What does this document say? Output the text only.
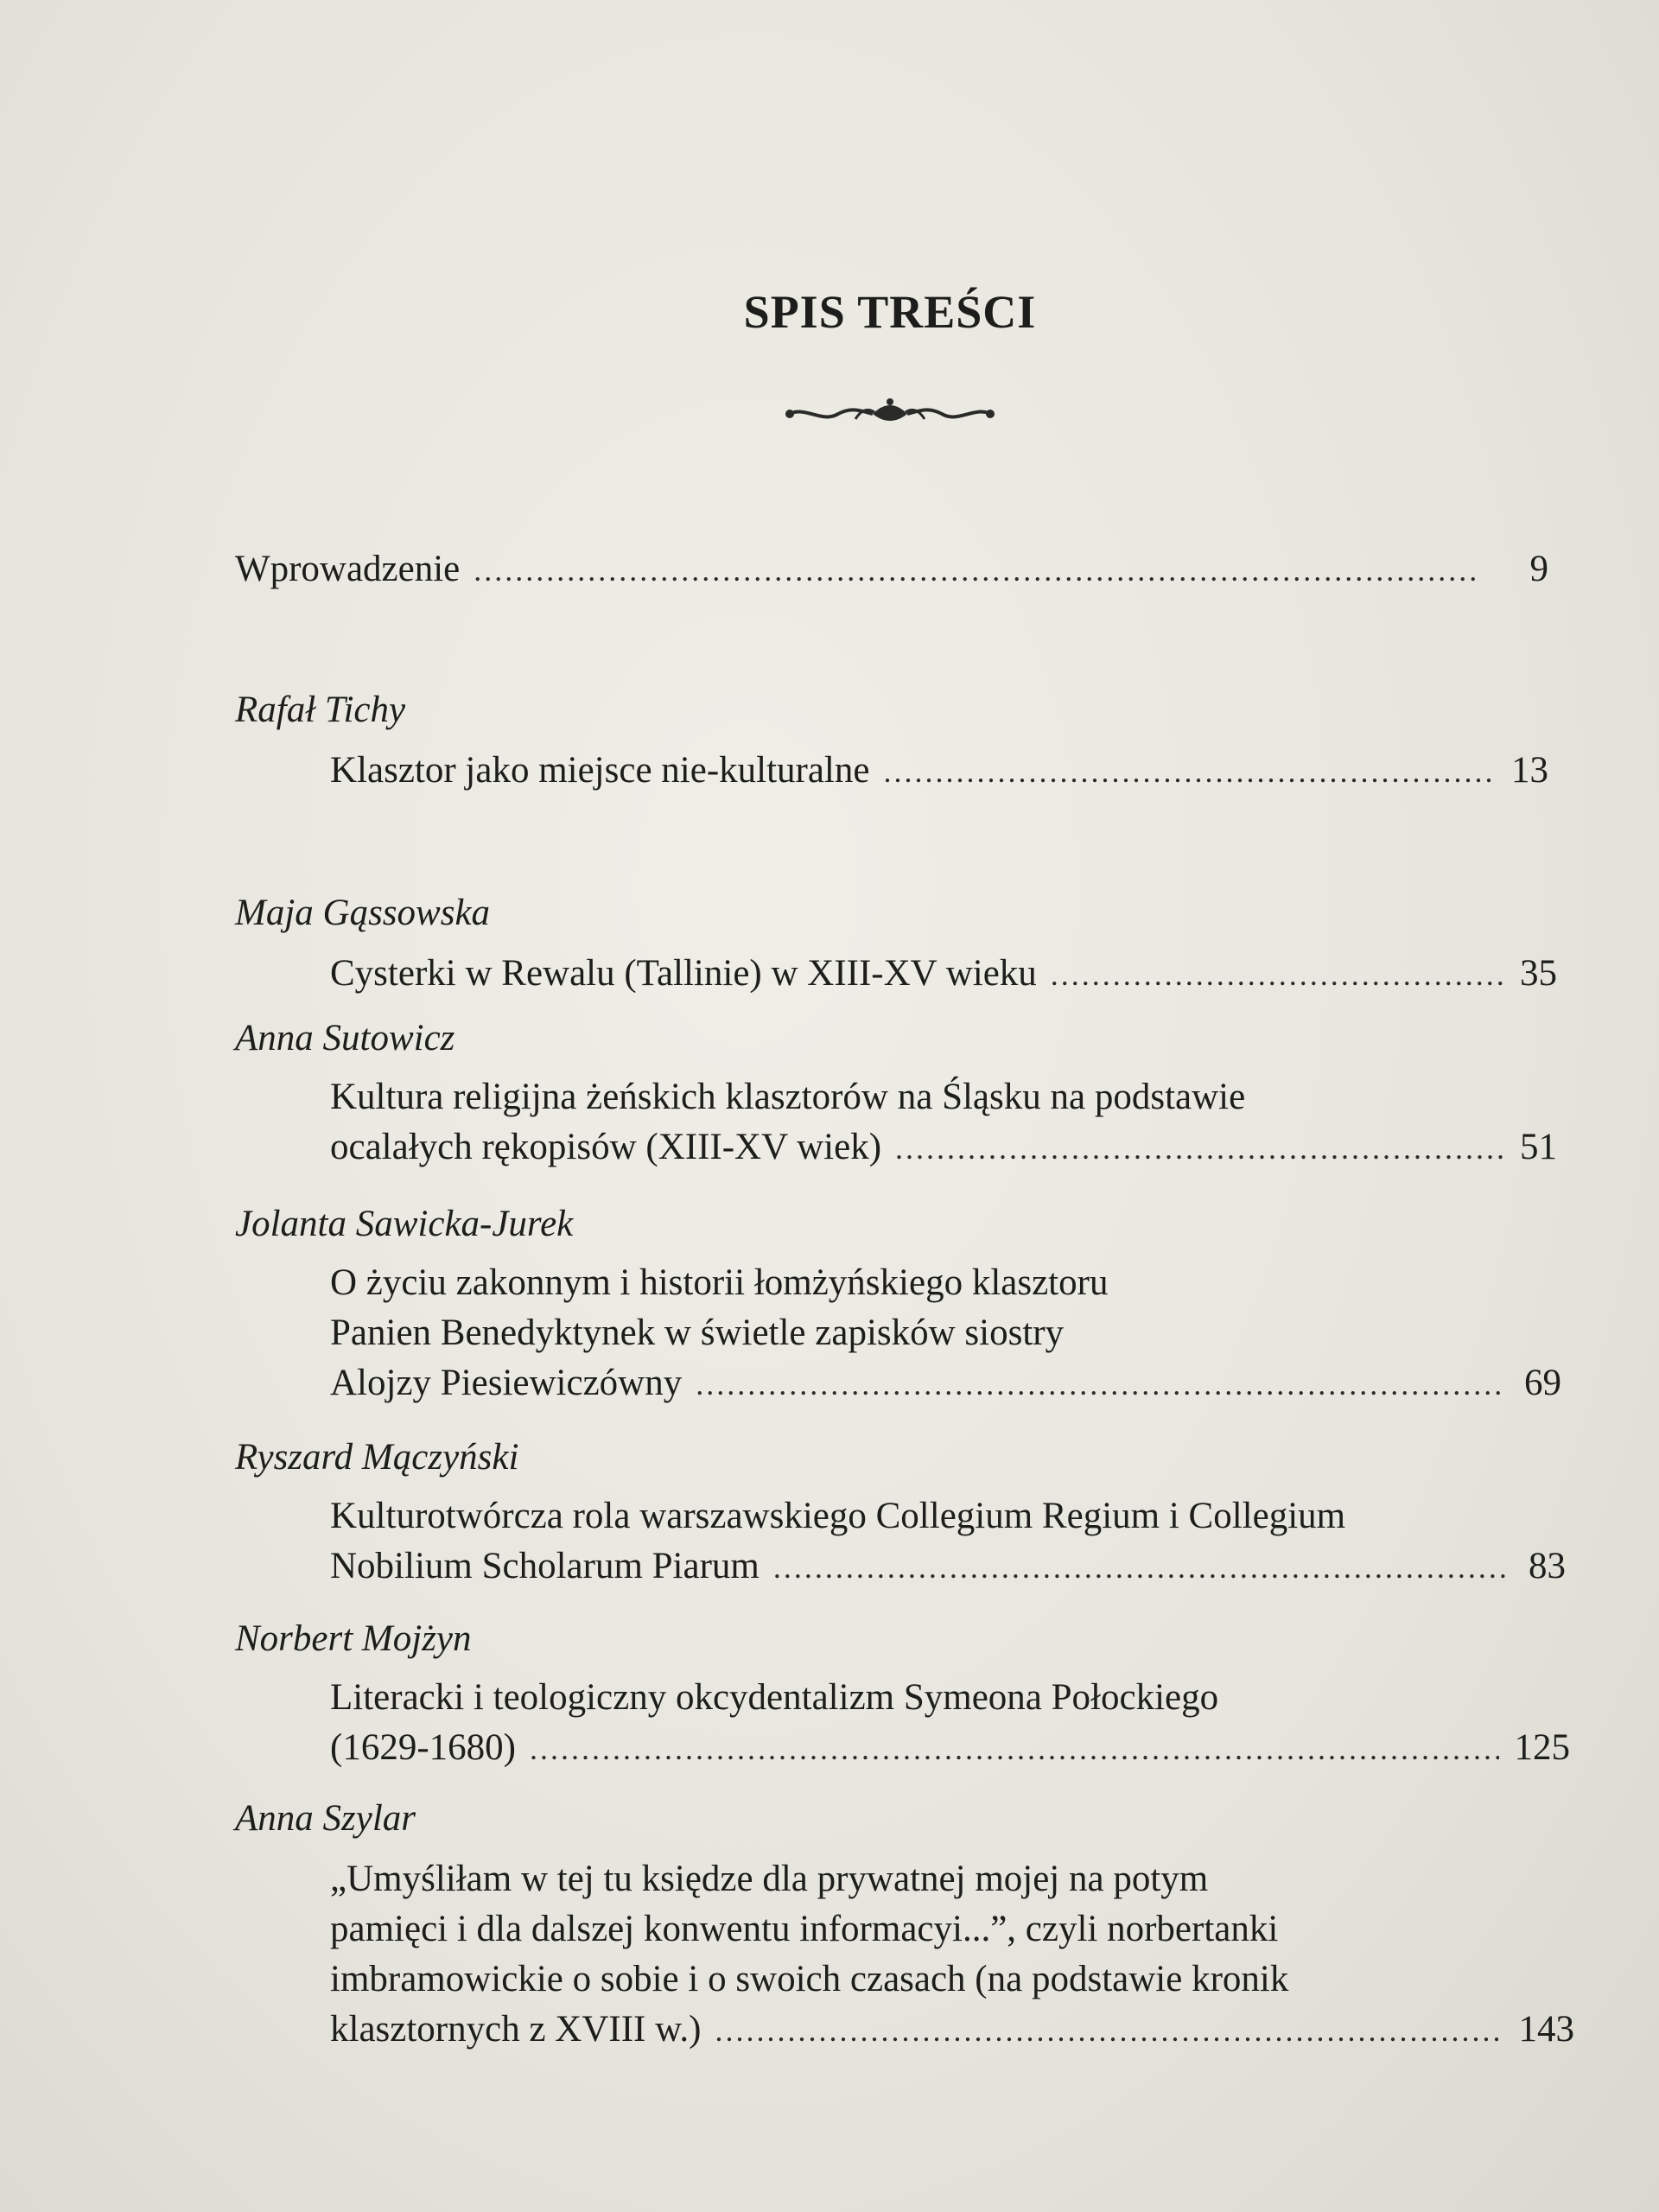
SPIS TREŚCI
Wprowadzenie .....	9
Rafał Tichy
Klasztor jako miejsce nie-kulturalne .....	13
Maja Gąssowska
Cysterki w Rewalu (Tallinie) w XIII-XV wieku .....	35
Anna Sutowicz
Kultura religijna żeńskich klasztorów na Śląsku na podstawie
ocalałych rękopisów (XIII-XV wiek) .....	51
Jolanta Sawicka-Jurek
O życiu zakonnym i historii łomżyńskiego klasztoru
Panien Benedyktynek w świetle zapisków siostry
Alojzy Piesiewiczówny .....	69
Ryszard Mączyński
Kulturotwórcza rola warszawskiego Collegium Regium i Collegium
Nobilium Scholarum Piarum .....	83
Norbert Mojżyn
Literacki i teologiczny okcydentalizm Symeona Połockiego
(1629-1680) .....	125
Anna Szylar
„Umyśliłam w tej tu księdze dla prywatnej mojej na potym
pamięci i dla dalszej konwentu informacyi...”, czyli norbertanki
imbramowickie o sobie i o swoich czasach (na podstawie kronik
klasztornych z XVIII w.) .....	143
